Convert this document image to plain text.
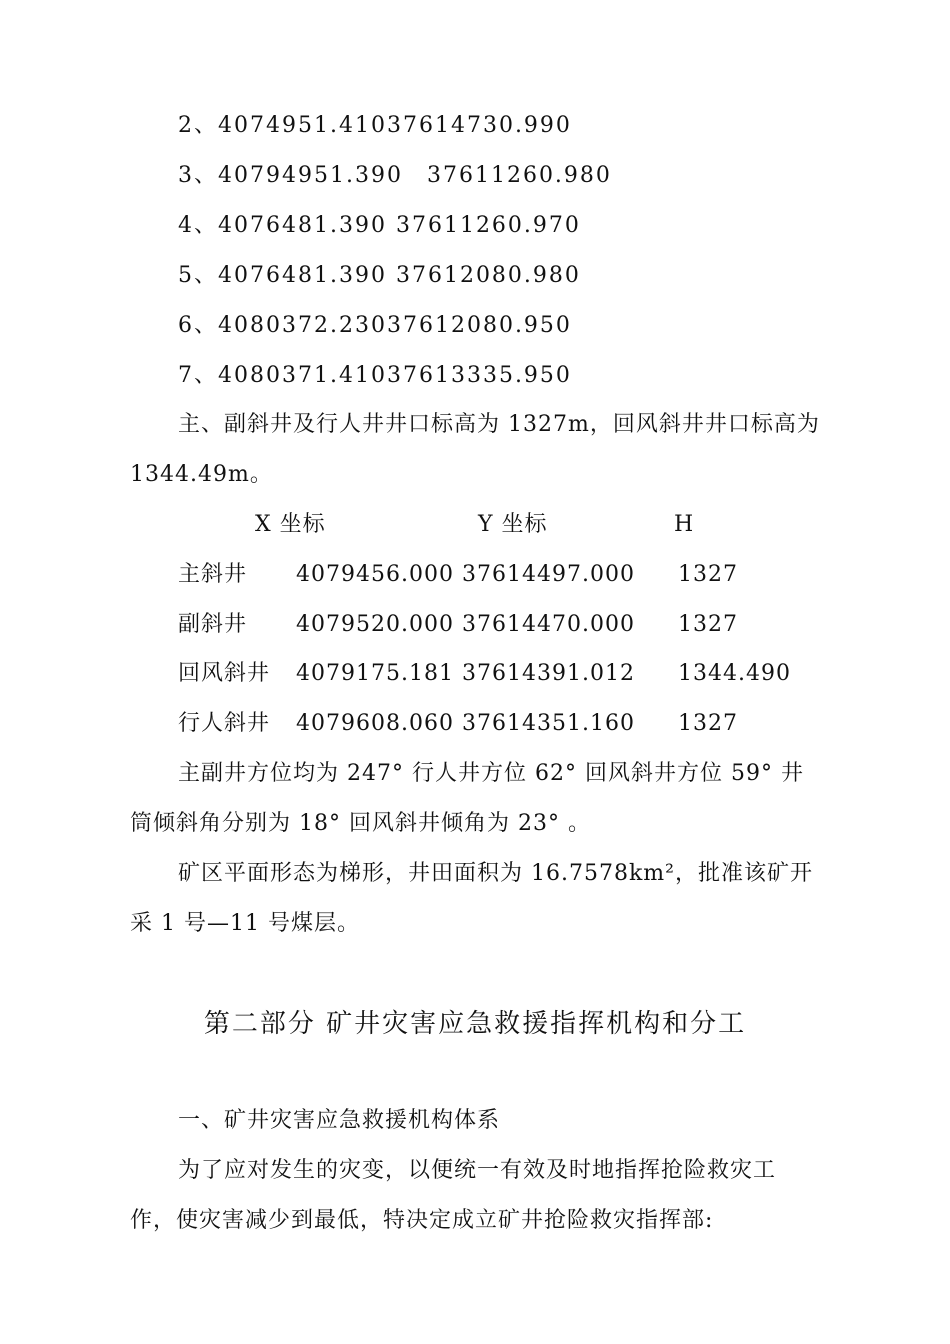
2、4074951.41037614730.990
3、40794951.390　37611260.980
4、4076481.390 37611260.970
5、4076481.390 37612080.980
6、4080372.23037612080.950
7、4080371.41037613335.950
主、副斜井及行人井井口标高为 1327m，回风斜井井口标高为
1344.49m。
X 坐标	Y 坐标	H
主斜井 4079456.000 37614497.000 1327
副斜井 4079520.000 37614470.000 1327
回风斜井 4079175.181 37614391.012 1344.490
行人斜井 4079608.060 37614351.160 1327
主副井方位均为 247° 行人井方位 62° 回风斜井方位 59° 井
筒倾斜角分别为 18° 回风斜井倾角为 23° 。
矿区平面形态为梯形，井田面积为 16.7578km²，批准该矿开
采 1 号—11 号煤层。
第二部分 矿井灾害应急救援指挥机构和分工
一、矿井灾害应急救援机构体系
为了应对发生的灾变，以便统一有效及时地指挥抢险救灾工
作，使灾害减少到最低，特决定成立矿井抢险救灾指挥部:
